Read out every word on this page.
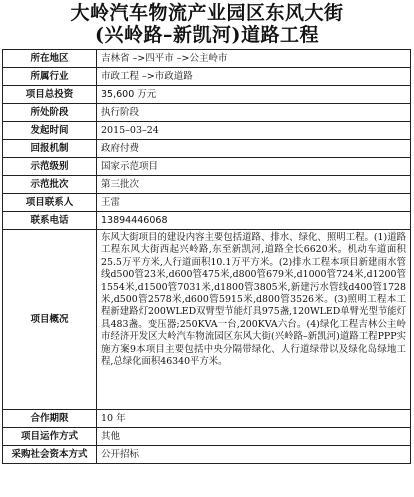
大岭汽车物流产业园区东风大街
(兴岭路–新凯河)道路工程
所在地区	吉林省 –>四平市 –>公主岭市
所属行业	市政工程 –>市政道路
项目总投资	35,600 万元
所处阶段	执行阶段
发起时间	2015–03–24
回报机制	政府付费
示范级别	国家示范项目
示范批次	第三批次
项目联系人	王雷
联系电话	13894446068
项目概况	东风大街项目的建设内容主要包括道路、排水、绿化、照明工程。(1)道路工程东风大街西起兴岭路,东至新凯河,道路全长6620米。机动车道面积25.5万平方米,人行道面积10.1万平方米。(2)排水工程本项目新建雨水管线d500管23米,d600管475米,d800管679米,d1000管724米,d1200管1554米,d1500管7031米,d1800管3805米,新建污水管线d400管1728米,d500管2578米,d600管5915米,d800管3526米。(3)照明工程本工程新建路灯200WLED双臂型节能灯具975盏,120WLED单臂光型节能灯具483盏。变压器;250KVA一台,200KVA六台。(4)绿化工程吉林公主岭市经济开发区大岭汽车物流园区东风大街(兴岭路–新凯河)道路工程PPP实施方案9本项目主要包括中央分隔带绿化、人行道绿带以及绿化岛绿地工程,总绿化面积46340平方米。
合作期限	10 年
项目运作方式	其他
采购社会资本方式	公开招标
